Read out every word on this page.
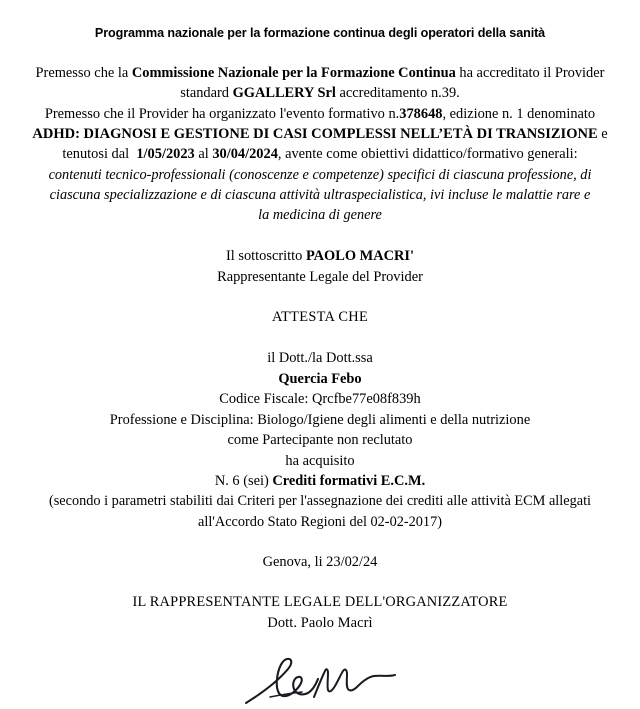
Programma nazionale per la formazione continua degli operatori della sanità
Premesso che la Commissione Nazionale per la Formazione Continua ha accreditato il Provider
standard GGALLERY Srl accreditamento n.39.
Premesso che il Provider ha organizzato l'evento formativo n.378648, edizione n. 1 denominato
ADHD: DIAGNOSI E GESTIONE DI CASI COMPLESSI NELL’ETÀ DI TRANSIZIONE e
tenutosi dal  1/05/2023 al 30/04/2024, avente come obiettivi didattico/formativo generali:
contenuti tecnico-professionali (conoscenze e competenze) specifici di ciascuna professione, di ciascuna specializzazione e di ciascuna attività ultraspecialistica, ivi incluse le malattie rare e la medicina di genere
Il sottoscritto PAOLO MACRI'
Rappresentante Legale del Provider
ATTESTA CHE
il Dott./la Dott.ssa
Quercia Febo
Codice Fiscale: Qrcfbe77e08f839h
Professione e Disciplina: Biologo/Igiene degli alimenti e della nutrizione
come Partecipante non reclutato
ha acquisito
N. 6 (sei) Crediti formativi E.C.M.
(secondo i parametri stabiliti dai Criteri per l'assegnazione dei crediti alle attività ECM allegati
all'Accordo Stato Regioni del 02-02-2017)
Genova, li 23/02/24
IL RAPPRESENTANTE LEGALE DELL'ORGANIZZATORE
Dott. Paolo Macrì
